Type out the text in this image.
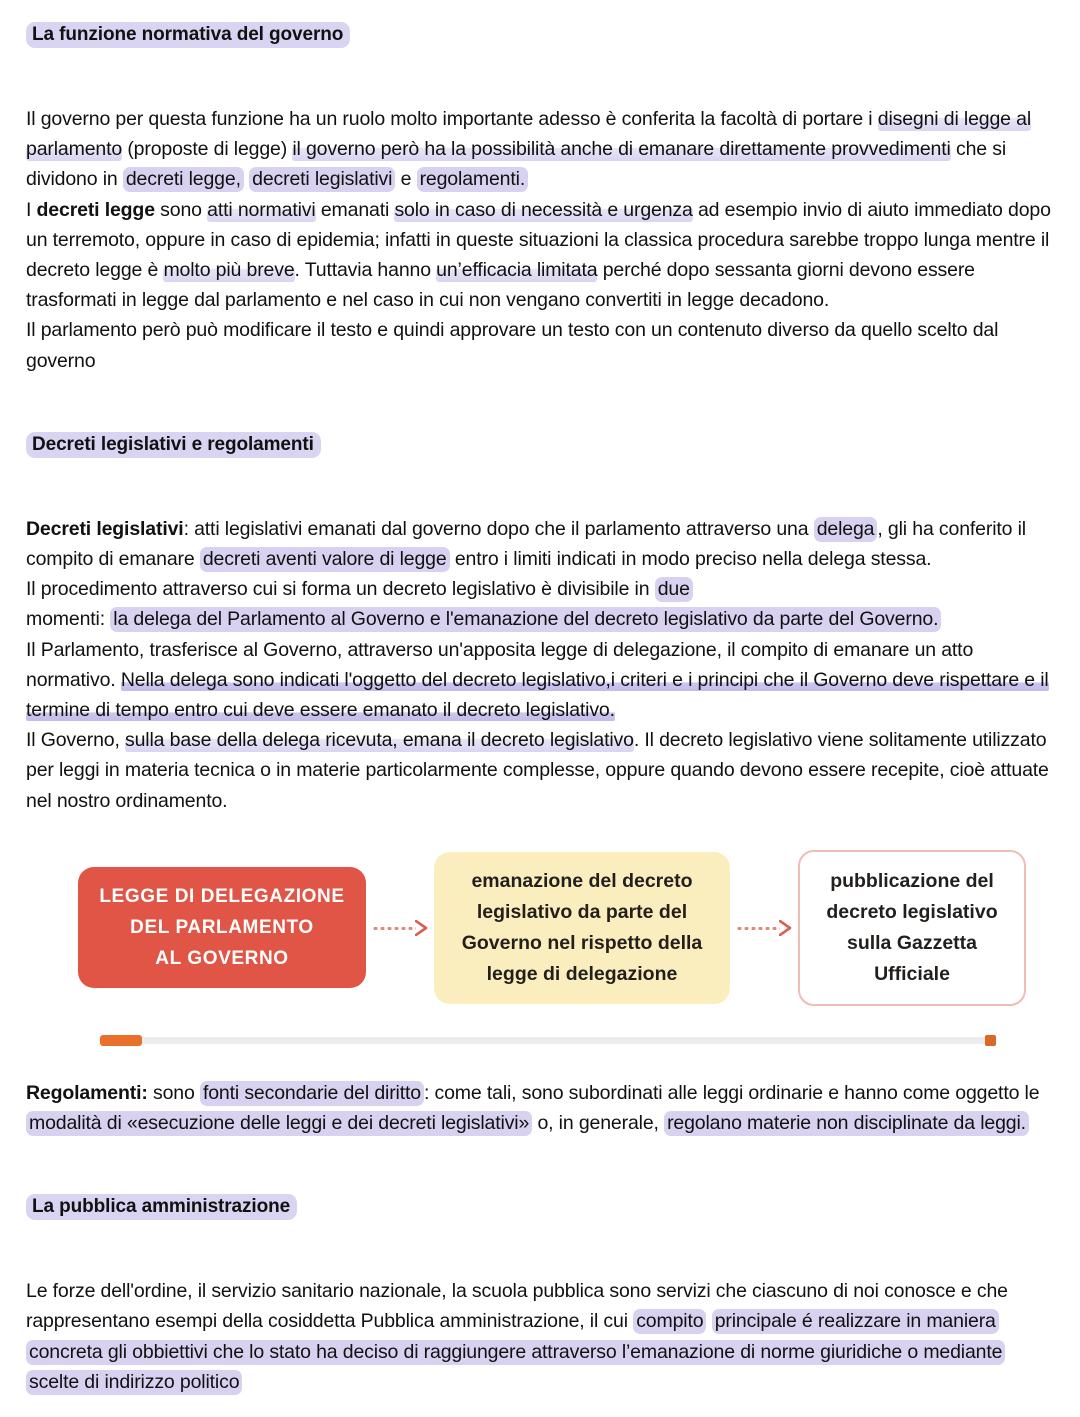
La funzione normativa del governo

Il governo per questa funzione ha un ruolo molto importante adesso è conferita la facoltà di portare i disegni di legge al parlamento (proposte di legge) il governo però ha la possibilità anche di emanare direttamente provvedimenti che si dividono in decreti legge, decreti legislativi e regolamenti.

I decreti legge sono atti normativi emanati solo in caso di necessità e urgenza ad esempio invio di aiuto immediato dopo un terremoto, oppure in caso di epidemia; infatti in queste situazioni la classica procedura sarebbe troppo lunga mentre il decreto legge è molto più breve. Tuttavia hanno un’efficacia limitata perché dopo sessanta giorni devono essere trasformati in legge dal parlamento e nel caso in cui non vengano convertiti in legge decadono.

Il parlamento però può modificare il testo e quindi approvare un testo con un contenuto diverso da quello scelto dal governo

Decreti legislativi e regolamenti

Decreti legislativi: atti legislativi emanati dal governo dopo che il parlamento attraverso una delega , gli ha conferito il compito di emanare decreti aventi valore di legge entro i limiti indicati in modo preciso nella delega stessa.

Il procedimento attraverso cui si forma un decreto legislativo è divisibile in due
momenti: la delega del Parlamento al Governo e l'emanazione del decreto legislativo da parte del Governo.

Il Parlamento, trasferisce al Governo, attraverso un'apposita legge di delegazione, il compito di emanare un atto normativo. Nella delega sono indicati l'oggetto del decreto legislativo,i criteri e i principi che il Governo deve rispettare e il termine di tempo entro cui deve essere emanato il decreto legislativo.

Il Governo, sulla base della delega ricevuta, emana il decreto legislativo. Il decreto legislativo viene solitamente utilizzato per leggi in materia tecnica o in materie particolarmente complesse, oppure quando devono essere recepite, cioè attuate nel nostro ordinamento.

LEGGE DI DELEGAZIONE
DEL PARLAMENTO
AL GOVERNO
emanazione del decreto
legislativo da parte del
Governo nel rispetto della
legge di delegazione
pubblicazione del
decreto legislativo
sulla Gazzetta
Ufficiale

Regolamenti: sono fonti secondarie del diritto : come tali, sono subordinati alle leggi ordinarie e hanno come oggetto le modalità di «esecuzione delle leggi e dei decreti legislativi» o, in generale, regolano materie non disciplinate da leggi.

La pubblica amministrazione

Le forze dell'ordine, il servizio sanitario nazionale, la scuola pubblica sono servizi che ciascuno di noi conosce e che rappresentano esempi della cosiddetta Pubblica amministrazione, il cui compito principale é realizzare in maniera concreta gli obbiettivi che lo stato ha deciso di raggiungere attraverso l’emanazione di norme giuridiche o mediante scelte di indirizzo politico
